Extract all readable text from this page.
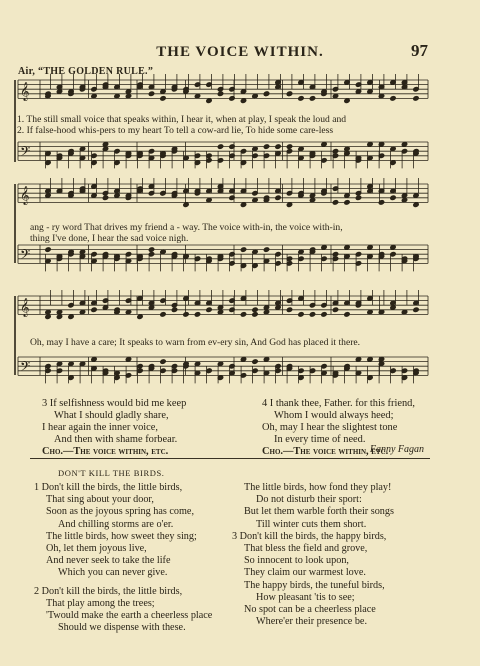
THE VOICE WITHIN.	97
Air, “THE GOLDEN RULE.”
𝄞
𝄢
𝄞
𝄢
𝄞
𝄢
1. The still small voice that speaks within, I hear it, when at play, I speak the loud and
2. If false-hood whis-pers to my heart To tell a cow-ard lie, To hide some care-less
ang - ry word That drives my friend a - way. The voice with-in, the voice with-in,
thing I've done, I hear the sad voice nigh.
Oh, may I have a care; It speaks to warn from ev-ery sin, And God has placed it there.
3 If selfishness would bid me keep
What I should gladly share,
I hear again the inner voice,
And then with shame forbear.
Cho.—The voice within, etc.
4 I thank thee, Father. for this friend,
Whom I would always heed;
Oh, may I hear the slightest tone
In every time of need.
Cho.—The voice within, etc.
Fanny Fagan
DON'T KILL THE BIRDS.
1 Don't kill the birds, the little birds,
That sing about your door,
Soon as the joyous spring has come,
And chilling storms are o'er.
The little birds, how sweet they sing;
Oh, let them joyous live,
And never seek to take the life
Which you can never give.
2 Don't kill the birds, the little birds,
That play among the trees;
'Twould make the earth a cheerless place
Should we dispense with these.
The little birds, how fond they play!
Do not disturb their sport:
But let them warble forth their songs
Till winter cuts them short.
3 Don't kill the birds, the happy birds,
That bless the field and grove,
So innocent to look upon,
They claim our warmest love.
The happy birds, the tuneful birds,
How pleasant 'tis to see;
No spot can be a cheerless place
Where'er their presence be.
